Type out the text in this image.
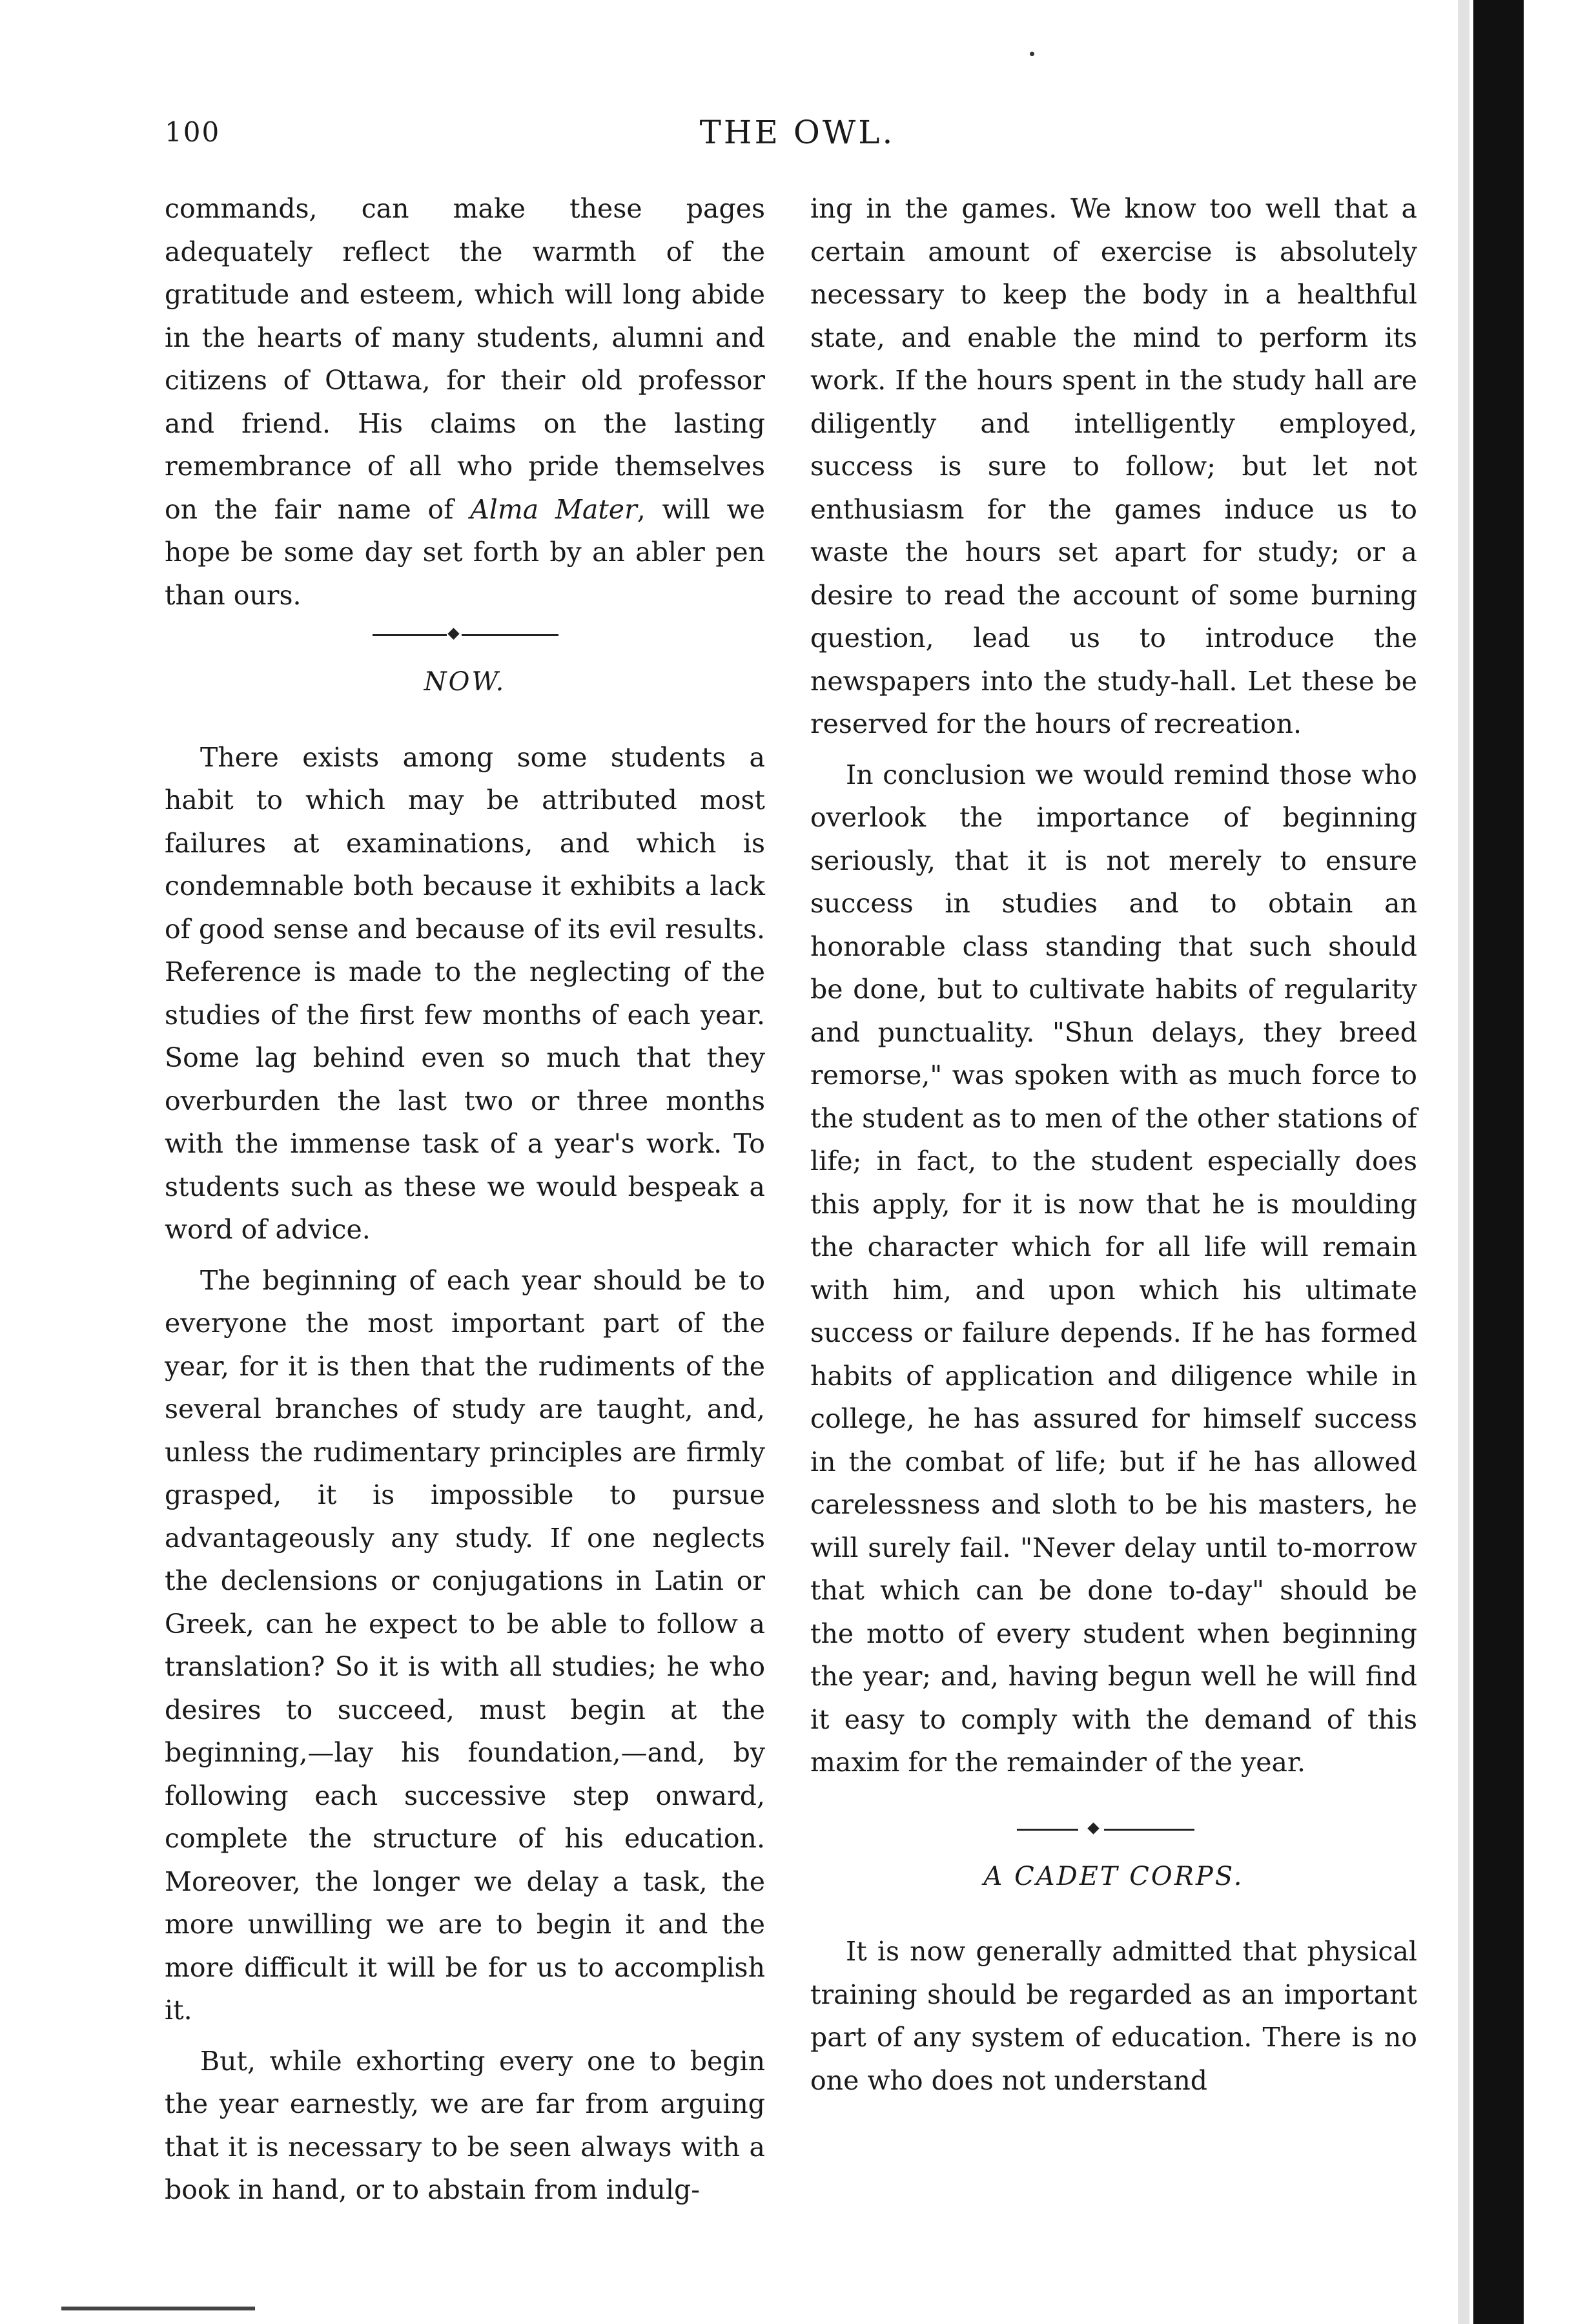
100	THE OWL.

commands, can make these pages adequately reflect the warmth of the gratitude and esteem, which will long abide in the hearts of many students, alumni and citizens of Ottawa, for their old professor and friend. His claims on the lasting remembrance of all who pride themselves on the fair name of Alma Mater, will we hope be some day set forth by an abler pen than ours.

NOW.

There exists among some students a habit to which may be attributed most failures at examinations, and which is condemnable both because it exhibits a lack of good sense and because of its evil results. Reference is made to the neglecting of the studies of the first few months of each year. Some lag behind even so much that they overburden the last two or three months with the immense task of a year's work. To students such as these we would bespeak a word of advice.

The beginning of each year should be to everyone the most important part of the year, for it is then that the rudiments of the several branches of study are taught, and, unless the rudimentary principles are firmly grasped, it is impossible to pursue advantageously any study. If one neglects the declensions or conjugations in Latin or Greek, can he expect to be able to follow a translation? So it is with all studies; he who desires to succeed, must begin at the beginning,—lay his foundation,—and, by following each successive step onward, complete the structure of his education. Moreover, the longer we delay a task, the more unwilling we are to begin it and the more difficult it will be for us to accomplish it.

But, while exhorting every one to begin the year earnestly, we are far from arguing that it is necessary to be seen always with a book in hand, or to abstain from indulg-

ing in the games. We know too well that a certain amount of exercise is absolutely necessary to keep the body in a healthful state, and enable the mind to perform its work. If the hours spent in the study hall are diligently and intelligently employed, success is sure to follow; but let not enthusiasm for the games induce us to waste the hours set apart for study; or a desire to read the account of some burning question, lead us to introduce the newspapers into the study-hall. Let these be reserved for the hours of recreation.

In conclusion we would remind those who overlook the importance of beginning seriously, that it is not merely to ensure success in studies and to obtain an honorable class standing that such should be done, but to cultivate habits of regularity and punctuality. "Shun delays, they breed remorse," was spoken with as much force to the student as to men of the other stations of life; in fact, to the student especially does this apply, for it is now that he is moulding the character which for all life will remain with him, and upon which his ultimate success or failure depends. If he has formed habits of application and diligence while in college, he has assured for himself success in the combat of life; but if he has allowed carelessness and sloth to be his masters, he will surely fail. "Never delay until to-morrow that which can be done to-day" should be the motto of every student when beginning the year; and, having begun well he will find it easy to comply with the demand of this maxim for the remainder of the year.

A CADET CORPS.

It is now generally admitted that physical training should be regarded as an important part of any system of education. There is no one who does not understand
